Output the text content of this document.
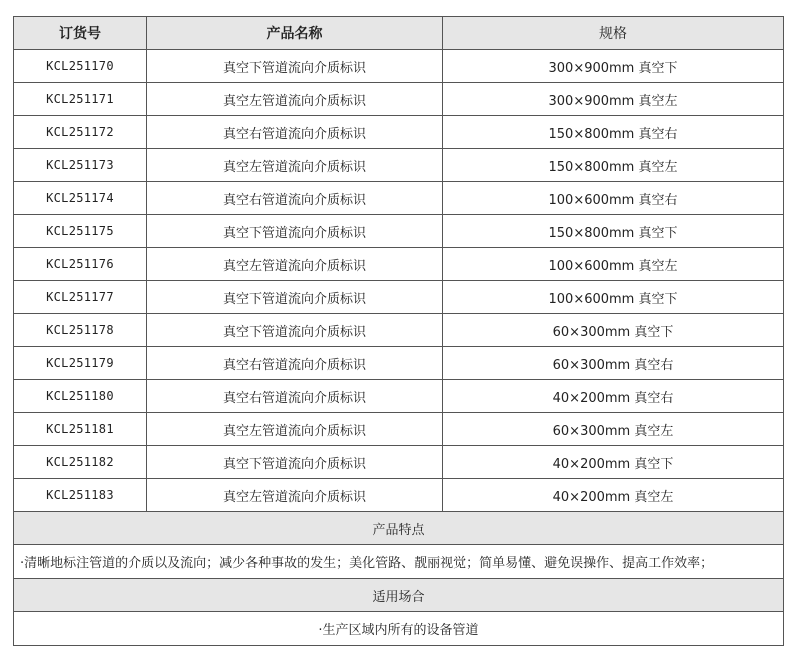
订货号	产品名称	规格
KCL251170	真空下管道流向介质标识	300×900mm 真空下
KCL251171	真空左管道流向介质标识	300×900mm 真空左
KCL251172	真空右管道流向介质标识	150×800mm 真空右
KCL251173	真空左管道流向介质标识	150×800mm 真空左
KCL251174	真空右管道流向介质标识	100×600mm 真空右
KCL251175	真空下管道流向介质标识	150×800mm 真空下
KCL251176	真空左管道流向介质标识	100×600mm 真空左
KCL251177	真空下管道流向介质标识	100×600mm 真空下
KCL251178	真空下管道流向介质标识	60×300mm 真空下
KCL251179	真空右管道流向介质标识	60×300mm 真空右
KCL251180	真空右管道流向介质标识	40×200mm 真空右
KCL251181	真空左管道流向介质标识	60×300mm 真空左
KCL251182	真空下管道流向介质标识	40×200mm 真空下
KCL251183	真空左管道流向介质标识	40×200mm 真空左
产品特点		
·清晰地标注管道的介质以及流向；减少各种事故的发生；美化管路、靓丽视觉；简单易懂、避免误操作、提高工作效率；		
适用场合		
·生产区域内所有的设备管道		
